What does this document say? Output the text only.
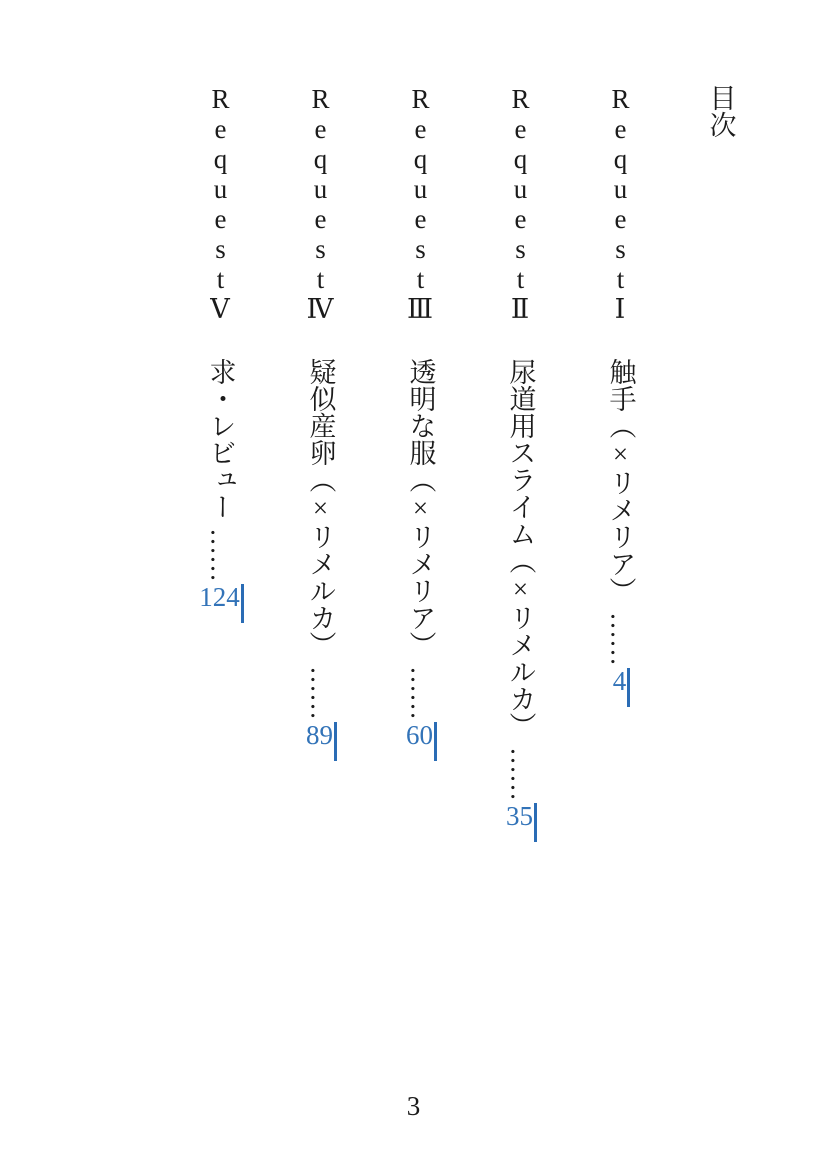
目次
RequestⅠ
触手（×リメリア）
……
4
RequestⅡ
尿道用スライム（×リメルカ）
……
35
RequestⅢ
透明な服（×リメリア）
……
60
RequestⅣ
疑似産卵（×リメルカ）
……
89
RequestⅤ
求・レビュー
……
124
3
